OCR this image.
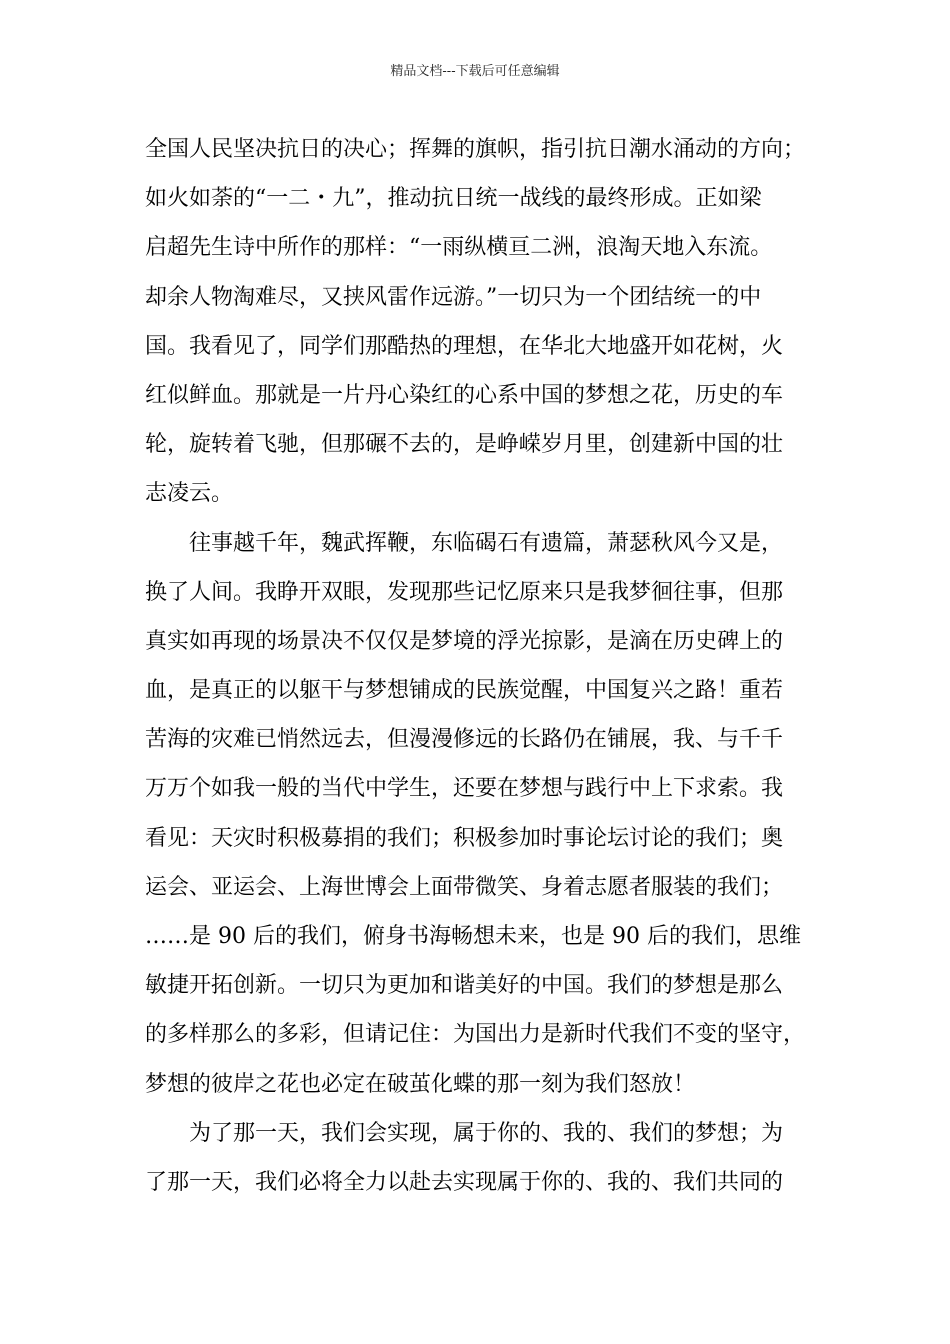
精品文档---下载后可任意编辑
全国人民坚决抗日的决心；挥舞的旗帜，指引抗日潮水涌动的方向；
如火如荼的“一二・九”，推动抗日统一战线的最终形成。正如梁
启超先生诗中所作的那样：“一雨纵横亘二洲，浪淘天地入东流。
却余人物淘难尽，又挟风雷作远游。”一切只为一个团结统一的中
国。我看见了，同学们那酷热的理想，在华北大地盛开如花树，火
红似鲜血。那就是一片丹心染红的心系中国的梦想之花，历史的车
轮，旋转着飞驰，但那碾不去的，是峥嵘岁月里，创建新中国的壮
志凌云。
往事越千年，魏武挥鞭，东临碣石有遗篇，萧瑟秋风今又是，
换了人间。我睁开双眼，发现那些记忆原来只是我梦徊往事，但那
真实如再现的场景决不仅仅是梦境的浮光掠影，是滴在历史碑上的
血，是真正的以躯干与梦想铺成的民族觉醒，中国复兴之路！重若
苦海的灾难已悄然远去，但漫漫修远的长路仍在铺展，我、与千千
万万个如我一般的当代中学生，还要在梦想与践行中上下求索。我
看见：天灾时积极募捐的我们；积极参加时事论坛讨论的我们；奥
运会、亚运会、上海世博会上面带微笑、身着志愿者服装的我们；
……是 90 后的我们，俯身书海畅想未来，也是 90 后的我们，思维
敏捷开拓创新。一切只为更加和谐美好的中国。我们的梦想是那么
的多样那么的多彩，但请记住：为国出力是新时代我们不变的坚守，
梦想的彼岸之花也必定在破茧化蝶的那一刻为我们怒放！
为了那一天，我们会实现，属于你的、我的、我们的梦想；为
了那一天，我们必将全力以赴去实现属于你的、我的、我们共同的
